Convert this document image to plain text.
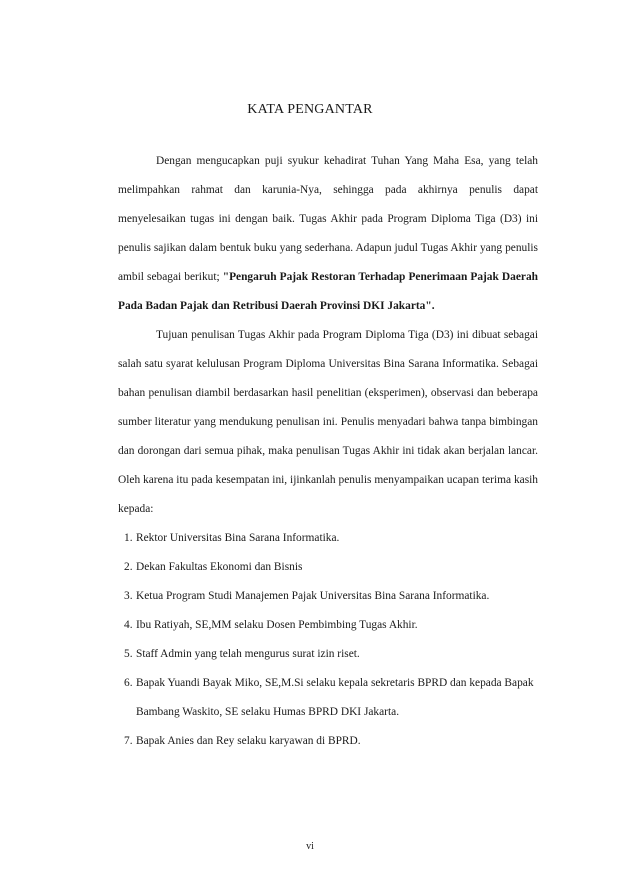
KATA PENGANTAR

Dengan mengucapkan puji syukur kehadirat Tuhan Yang Maha Esa, yang telah melimpahkan rahmat dan karunia-Nya, sehingga pada akhirnya penulis dapat menyelesaikan tugas ini dengan baik. Tugas Akhir pada Program Diploma Tiga (D3) ini penulis sajikan dalam bentuk buku yang sederhana. Adapun judul Tugas Akhir yang penulis ambil sebagai berikut; "Pengaruh Pajak Restoran Terhadap Penerimaan Pajak Daerah Pada Badan Pajak dan Retribusi Daerah Provinsi DKI Jakarta".

Tujuan penulisan Tugas Akhir pada Program Diploma Tiga (D3) ini dibuat sebagai salah satu syarat kelulusan Program Diploma Universitas Bina Sarana Informatika. Sebagai bahan penulisan diambil berdasarkan hasil penelitian (eksperimen), observasi dan beberapa sumber literatur yang mendukung penulisan ini. Penulis menyadari bahwa tanpa bimbingan dan dorongan dari semua pihak, maka penulisan Tugas Akhir ini tidak akan berjalan lancar. Oleh karena itu pada kesempatan ini, ijinkanlah penulis menyampaikan ucapan terima kasih kepada:

1. Rektor Universitas Bina Sarana Informatika.
2. Dekan Fakultas Ekonomi dan Bisnis
3. Ketua Program Studi Manajemen Pajak Universitas Bina Sarana Informatika.
4. Ibu Ratiyah, SE,MM selaku Dosen Pembimbing Tugas Akhir.
5. Staff Admin yang telah mengurus surat izin riset.
6. Bapak Yuandi Bayak Miko, SE,M.Si selaku kepala sekretaris BPRD dan kepada Bapak Bambang Waskito, SE selaku Humas BPRD DKI Jakarta.
7. Bapak Anies dan Rey selaku karyawan di BPRD.
vi
